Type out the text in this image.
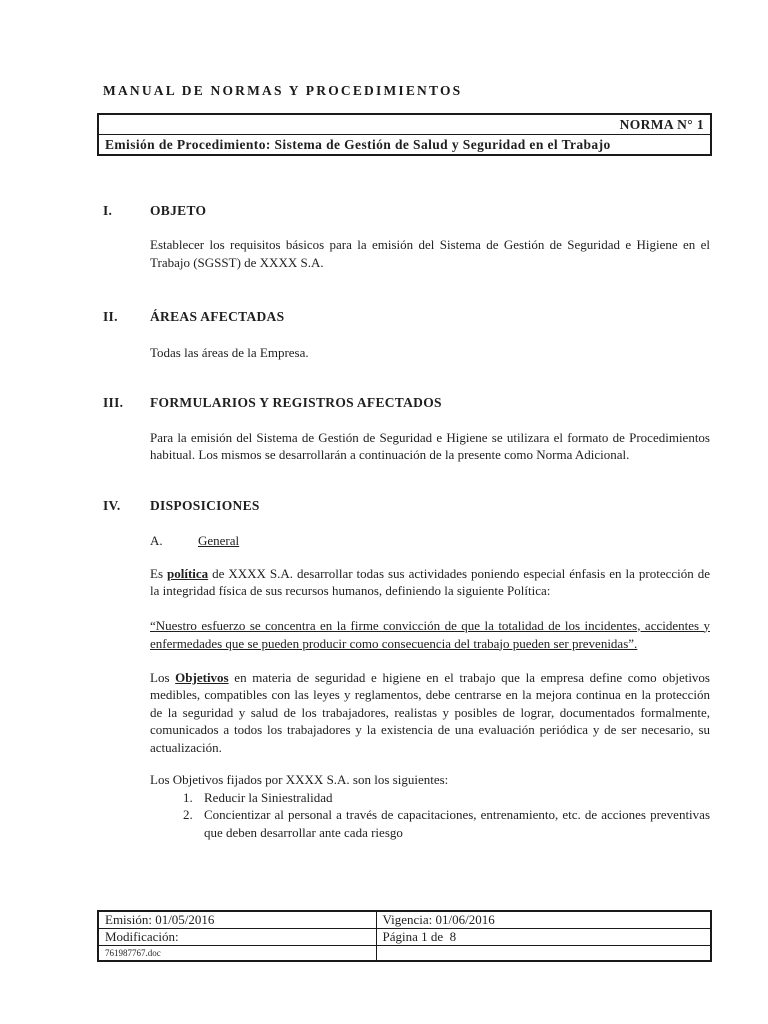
MANUAL DE NORMAS Y PROCEDIMIENTOS
NORMA N° 1
Emisión de Procedimiento: Sistema de Gestión de Salud y Seguridad en el Trabajo
I.	OBJETO

Establecer los requisitos básicos para la emisión del Sistema de Gestión de Seguridad e Higiene en el Trabajo (SGSST) de XXXX S.A.

II.	ÁREAS AFECTADAS

Todas las áreas de la Empresa.

III.	FORMULARIOS Y REGISTROS AFECTADOS

Para la emisión del Sistema de Gestión de Seguridad e Higiene se utilizara el formato de Procedimientos habitual. Los mismos se desarrollarán a continuación de la presente como Norma Adicional.

IV.	DISPOSICIONES
A.	General

Es política de XXXX S.A. desarrollar todas sus actividades poniendo especial énfasis en la protección de la integridad física de sus recursos humanos, definiendo la siguiente Política:

“Nuestro esfuerzo se concentra en la firme convicción de que la totalidad de los incidentes, accidentes y enfermedades que se pueden producir como consecuencia del trabajo pueden ser prevenidas”.

Los Objetivos en materia de seguridad e higiene en el trabajo que la empresa define como objetivos medibles, compatibles con las leyes y reglamentos, debe centrarse en la mejora continua en la protección de la seguridad y salud de los trabajadores, realistas y posibles de lograr, documentados formalmente, comunicados a todos los trabajadores y la existencia de una evaluación periódica y de ser necesario, su actualización.

Los Objetivos fijados por XXXX S.A. son los siguientes:

1. Reducir la Siniestralidad
2. Concientizar al personal a través de capacitaciones, entrenamiento, etc. de acciones preventivas que deben desarrollar ante cada riesgo
Emisión: 01/05/2016	Vigencia: 01/06/2016
Modificación:	Página 1 de  8
761987767.doc	
